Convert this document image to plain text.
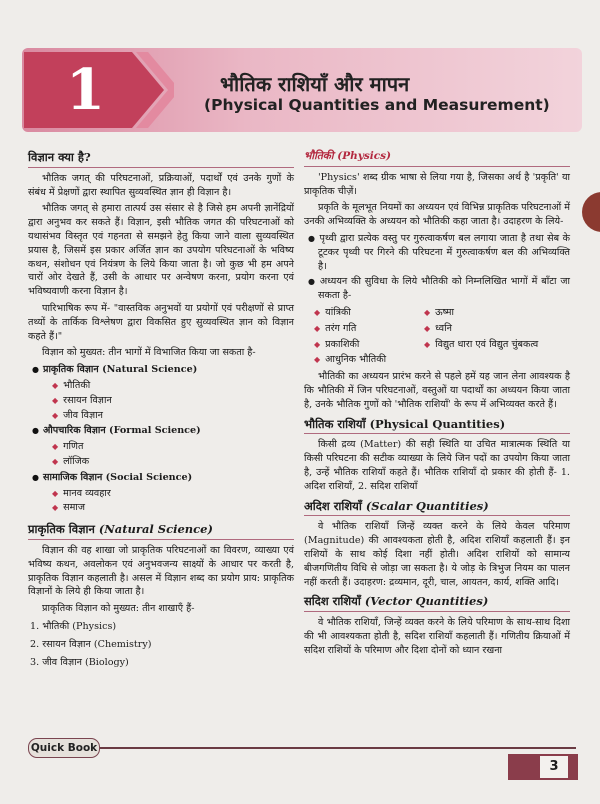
1	भौतिक राशियाँ और मापन
(Physical Quantities and Measurement)
विज्ञान क्या है?

भौतिक जगत् की परिघटनाओं, प्रक्रियाओं, पदार्थों एवं उनके गुणों के संबंध में प्रेक्षणों द्वारा स्थापित सुव्यवस्थित ज्ञान ही विज्ञान है।

भौतिक जगत् से हमारा तात्पर्य उस संसार से है जिसे हम अपनी ज्ञानेंद्रियों द्वारा अनुभव कर सकते हैं। विज्ञान, इसी भौतिक जगत की परिघटनाओं को यथासंभव विस्तृत एवं गहनता से समझने हेतु किया जाने वाला सुव्यवस्थित प्रयास है, जिसमें इस प्रकार अर्जित ज्ञान का उपयोग परिघटनाओं के भविष्य कथन, संशोधन एवं नियंत्रण के लिये किया जाता है। जो कुछ भी हम अपने चारों ओर देखते हैं, उसी के आधार पर अन्वेषण करना, प्रयोग करना एवं भविष्यवाणी करना विज्ञान है।

पारिभाषिक रूप में- "वास्तविक अनुभवों या प्रयोगों एवं परीक्षणों से प्राप्त तथ्यों के तार्किक विश्लेषण द्वारा विकसित हुए सुव्यवस्थित ज्ञान को विज्ञान कहते हैं।"

विज्ञान को मुख्यत: तीन भागों में विभाजित किया जा सकता है-

● प्राकृतिक विज्ञान (Natural Science)
◆ भौतिकी
◆ रसायन विज्ञान
◆ जीव विज्ञान
● औपचारिक विज्ञान (Formal Science)
◆ गणित
◆ लॉजिक
● सामाजिक विज्ञान (Social Science)
◆ मानव व्यवहार
◆ समाज
प्राकृतिक विज्ञान (Natural Science)

विज्ञान की वह शाखा जो प्राकृतिक परिघटनाओं का विवरण, व्याख्या एवं भविष्य कथन, अवलोकन एवं अनुभवजन्य साक्ष्यों के आधार पर करती है, प्राकृतिक विज्ञान कहलाती है। असल में विज्ञान शब्द का प्रयोग प्राय: प्राकृतिक विज्ञानों के लिये ही किया जाता है।

प्राकृतिक विज्ञान को मुख्यत: तीन शाखाएँ हैं-

1. भौतिकी (Physics)
2. रसायन विज्ञान (Chemistry)
3. जीव विज्ञान (Biology)
भौतिकी (Physics)

'Physics' शब्द ग्रीक भाषा से लिया गया है, जिसका अर्थ है 'प्रकृति' या प्राकृतिक चीज़ें।

प्रकृति के मूलभूत नियमों का अध्ययन एवं विभिन्न प्राकृतिक परिघटनाओं में उनकी अभिव्यक्ति के अध्ययन को भौतिकी कहा जाता है। उदाहरण के लिये-

● पृथ्वी द्वारा प्रत्येक वस्तु पर गुरुत्वाकर्षण बल लगाया जाता है तथा सेब के टूटकर पृथ्वी पर गिरने की परिघटना में गुरुत्वाकर्षण बल की अभिव्यक्ति है।
● अध्ययन की सुविधा के लिये भौतिकी को निम्नलिखित भागों में बाँटा जा सकता है-
◆ यांत्रिकी	◆ ऊष्मा
◆ तरंग गति	◆ ध्वनि
◆ प्रकाशिकी	◆ विद्युत धारा एवं विद्युत चुंबकत्व
◆ आधुनिक भौतिकी

भौतिकी का अध्ययन प्रारंभ करने से पहले हमें यह जान लेना आवश्यक है कि भौतिकी में जिन परिघटनाओं, वस्तुओं या पदार्थों का अध्ययन किया जाता है, उनके भौतिक गुणों को 'भौतिक राशियाँ' के रूप में अभिव्यक्त करते हैं।

भौतिक राशियाँ (Physical Quantities)

किसी द्रव्य (Matter) की सही स्थिति या उचित मात्रात्मक स्थिति या किसी परिघटना की सटीक व्याख्या के लिये जिन पदों का उपयोग किया जाता है, उन्हें भौतिक राशियाँ कहते हैं। भौतिक राशियाँ दो प्रकार की होती हैं- 1. अदिश राशियाँ, 2. सदिश राशियाँ

अदिश राशियाँ (Scalar Quantities)

वे भौतिक राशियाँ जिन्हें व्यक्त करने के लिये केवल परिमाण (Magnitude) की आवश्यकता होती है, अदिश राशियाँ कहलाती हैं। इन राशियों के साथ कोई दिशा नहीं होती। अदिश राशियों को सामान्य बीजगणितीय विधि से जोड़ा जा सकता है। ये जोड़ के त्रिभुज नियम का पालन नहीं करती हैं। उदाहरण: द्रव्यमान, दूरी, चाल, आयतन, कार्य, शक्ति आदि।

सदिश राशियाँ (Vector Quantities)

वे भौतिक राशियाँ, जिन्हें व्यक्त करने के लिये परिमाण के साथ-साथ दिशा की भी आवश्यकता होती है, सदिश राशियाँ कहलाती हैं। गणितीय क्रियाओं में सदिश राशियों के परिमाण और दिशा दोनों को ध्यान रखना

Quick Book
3
